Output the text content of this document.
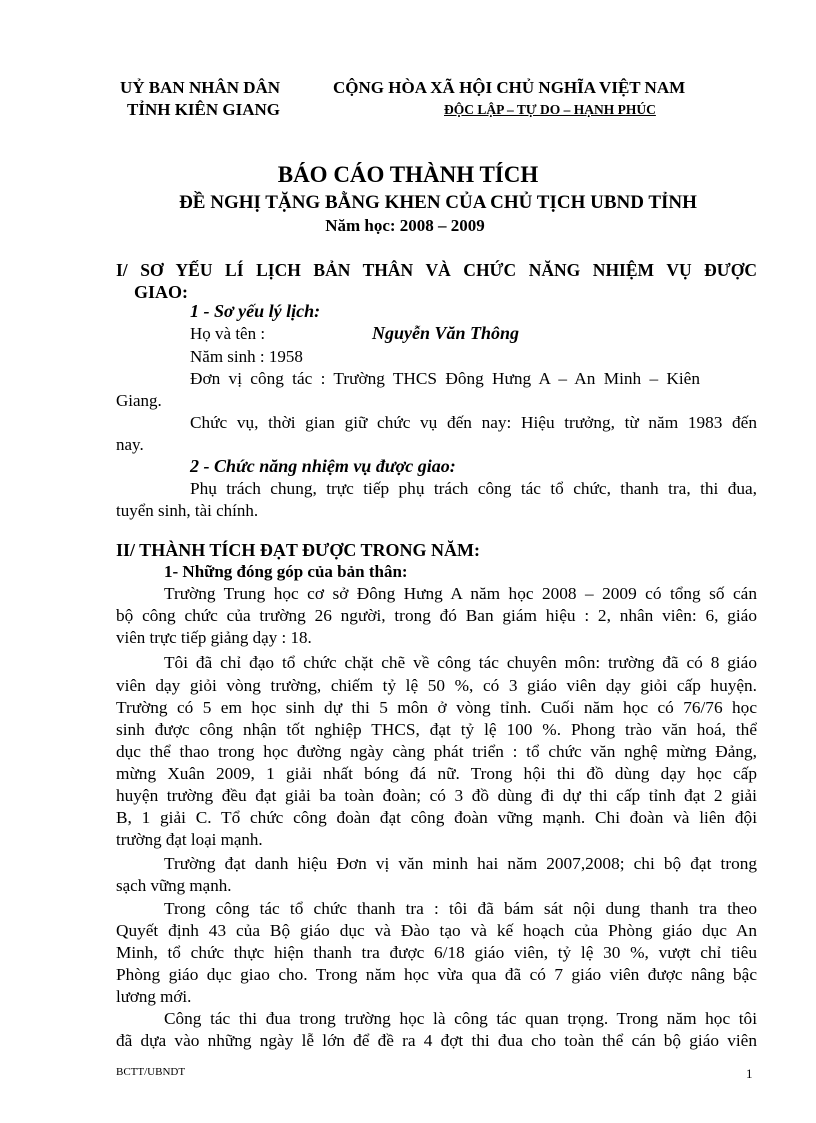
UỶ BAN NHÂN DÂN
TỈNH KIÊN GIANG
CỘNG HÒA XÃ HỘI CHỦ NGHĨA VIỆT NAM
ĐỘC LẬP – TỰ DO – HẠNH PHÚC
BÁO CÁO THÀNH TÍCH
ĐỀ NGHỊ TẶNG BẰNG KHEN CỦA CHỦ TỊCH UBND TỈNH
Năm học: 2008 – 2009
I/ SƠ YẾU LÍ LỊCH BẢN THÂN VÀ CHỨC NĂNG NHIỆM VỤ ĐƯỢC
GIAO:
1 - Sơ yếu lý lịch:
Họ và tên :	Nguyễn Văn Thông
Năm sinh : 1958
Đơn vị công tác : Trường THCS Đông Hưng A – An Minh – Kiên
Giang.
Chức vụ, thời gian giữ chức vụ đến nay: Hiệu trưởng, từ năm 1983 đến
nay.
2 - Chức năng nhiệm vụ được giao:
Phụ trách chung, trực tiếp phụ trách công tác tổ chức, thanh tra, thi đua,
tuyển sinh, tài chính.
II/ THÀNH TÍCH ĐẠT ĐƯỢC TRONG NĂM:
1- Những đóng góp của bản thân:
Trường Trung học cơ sở Đông Hưng A năm học 2008 – 2009 có tổng số cán
bộ công chức của trường 26 người, trong đó Ban giám hiệu : 2, nhân viên: 6, giáo
viên trực tiếp giảng dạy : 18.
Tôi đã chỉ đạo tổ chức chặt chẽ về công tác chuyên môn: trường đã có 8 giáo
viên dạy giỏi vòng trường, chiếm tỷ lệ 50 %, có 3 giáo viên dạy giỏi cấp huyện.
Trường có 5 em học sinh dự thi 5 môn ở vòng tỉnh. Cuối năm học có 76/76 học
sinh được công nhận tốt nghiệp THCS, đạt tỷ lệ 100 %. Phong trào văn hoá, thể
dục thể thao trong học đường ngày càng phát triển : tổ chức văn nghệ mừng Đảng,
mừng Xuân 2009, 1 giải nhất bóng đá nữ. Trong hội thi đồ dùng dạy học cấp
huyện trường đều đạt giải ba toàn đoàn; có 3 đồ dùng đi dự thi cấp tỉnh đạt 2 giải
B, 1 giải C. Tổ chức công đoàn đạt công đoàn vững mạnh. Chi đoàn và liên đội
trường đạt loại mạnh.
Trường đạt danh hiệu Đơn vị văn minh hai năm 2007,2008; chi bộ đạt trong
sạch vững mạnh.
Trong công tác tổ chức thanh tra : tôi đã bám sát nội dung thanh tra theo
Quyết định 43 của Bộ giáo dục và Đào tạo và kế hoạch của Phòng giáo dục An
Minh, tổ chức thực hiện thanh tra được 6/18 giáo viên, tỷ lệ 30 %, vượt chỉ tiêu
Phòng giáo dục giao cho. Trong năm học vừa qua đã có 7 giáo viên được nâng bậc
lương mới.
Công tác thi đua trong trường học là công tác quan trọng. Trong năm học tôi
đã dựa vào những ngày lễ lớn để đề ra 4 đợt thi đua cho toàn thể cán bộ giáo viên
BCTT/UBNDT	1
